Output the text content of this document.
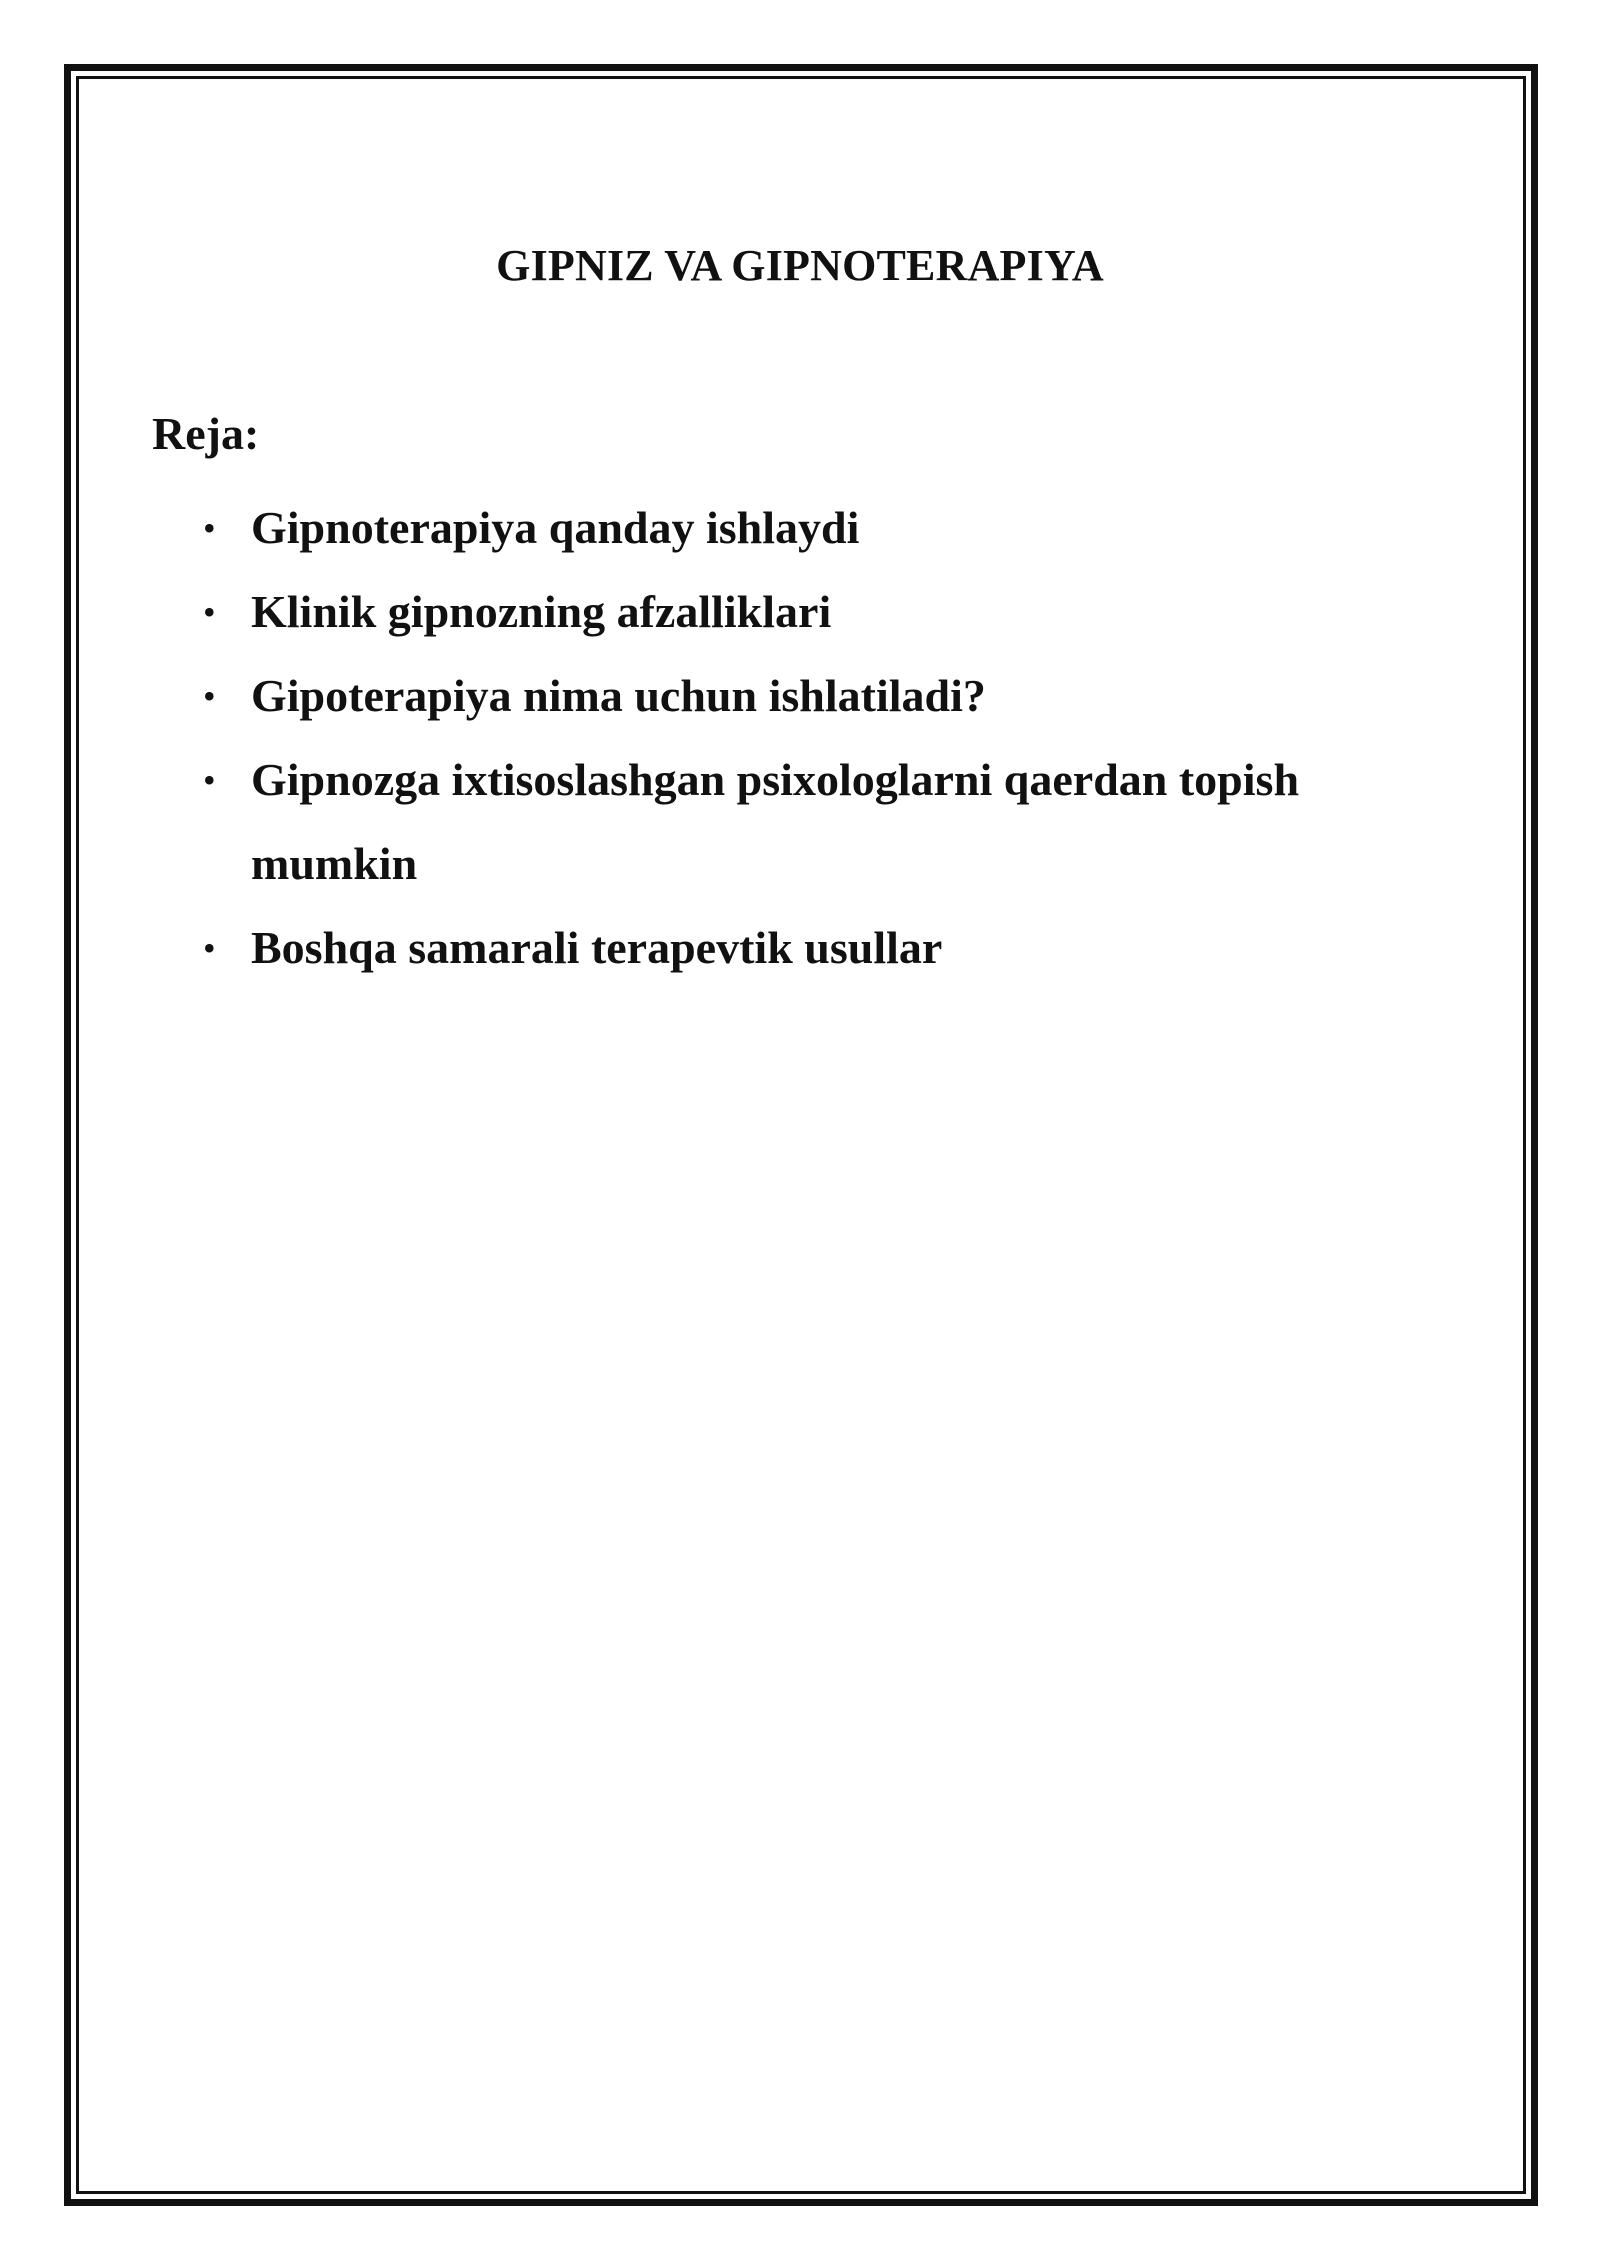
GIPNIZ VA GIPNOTERAPIYA
Reja:
• Gipnoterapiya qanday ishlaydi
• Klinik gipnozning afzalliklari
• Gipoterapiya nima uchun ishlatiladi?
• Gipnozga ixtisoslashgan psixologlarni qaerdan topish mumkin
• Boshqa samarali terapevtik usullar
